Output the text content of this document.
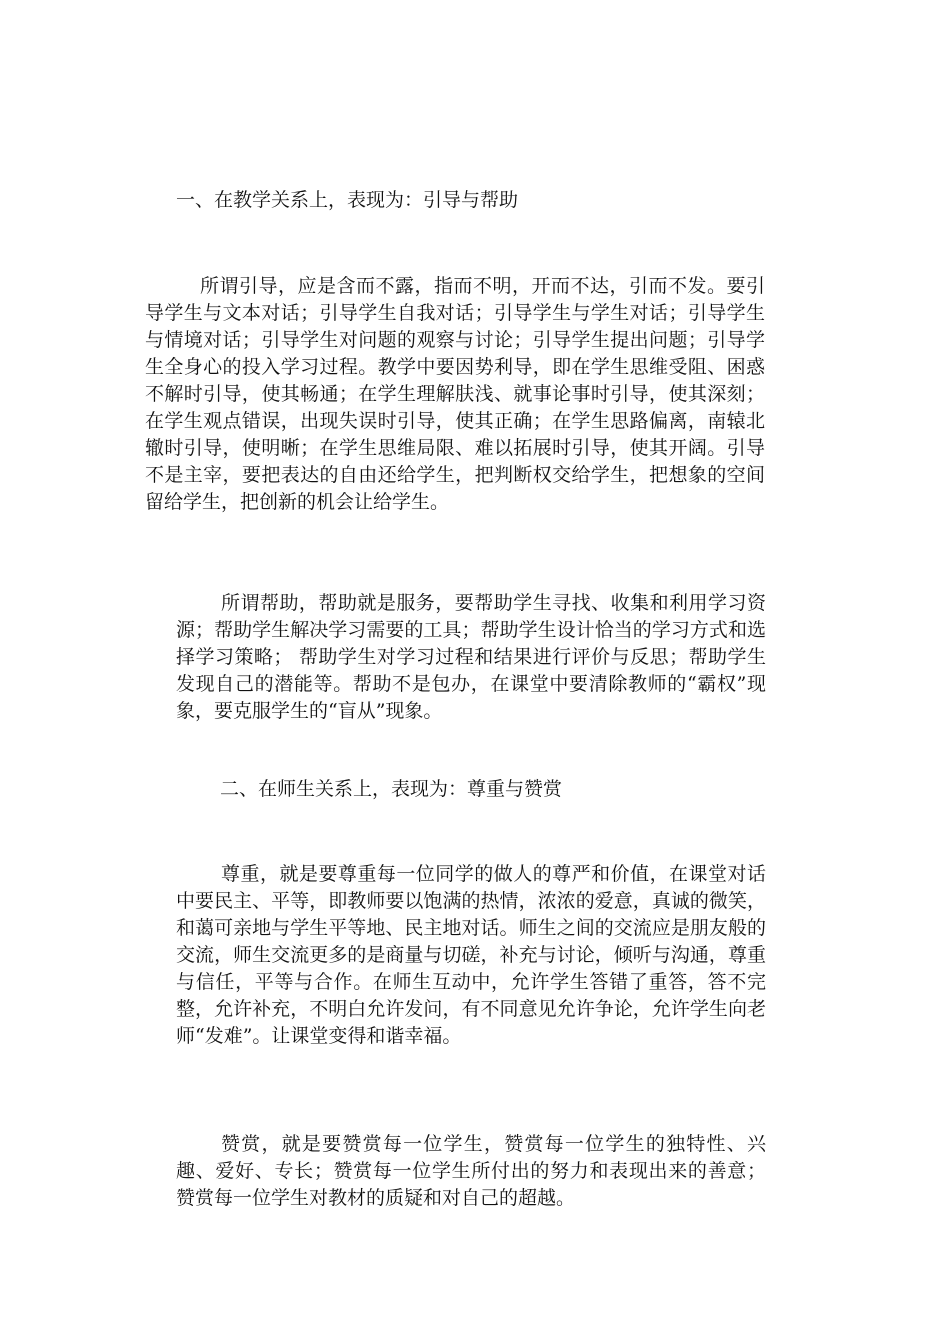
一、在教学关系上，表现为：引导与帮助

所谓引导，应是含而不露，指而不明，开而不达，引而不发。要引导学生与文本对话；引导学生自我对话；引导学生与学生对话；引导学生与情境对话；引导学生对问题的观察与讨论；引导学生提出问题；引导学生全身心的投入学习过程。教学中要因势利导，即在学生思维受阻、困惑不解时引导，使其畅通；在学生理解肤浅、就事论事时引导，使其深刻；在学生观点错误，出现失误时引导，使其正确；在学生思路偏离，南辕北辙时引导，使明晰；在学生思维局限、难以拓展时引导，使其开阔。引导不是主宰，要把表达的自由还给学生，把判断权交给学生，把想象的空间留给学生，把创新的机会让给学生。

所谓帮助，帮助就是服务，要帮助学生寻找、收集和利用学习资源；帮助学生解决学习需要的工具；帮助学生设计恰当的学习方式和选择学习策略； 帮助学生对学习过程和结果进行评价与反思；帮助学生发现自己的潜能等。帮助不是包办，在课堂中要清除教师的“霸权”现象，要克服学生的“盲从”现象。

二、在师生关系上，表现为：尊重与赞赏

尊重，就是要尊重每一位同学的做人的尊严和价值，在课堂对话中要民主、平等，即教师要以饱满的热情，浓浓的爱意，真诚的微笑，和蔼可亲地与学生平等地、民主地对话。师生之间的交流应是朋友般的交流，师生交流更多的是商量与切磋，补充与讨论，倾听与沟通，尊重与信任，平等与合作。在师生互动中，允许学生答错了重答，答不完整，允许补充，不明白允许发问，有不同意见允许争论，允许学生向老师“发难”。让课堂变得和谐幸福。

赞赏，就是要赞赏每一位学生，赞赏每一位学生的独特性、兴趣、爱好、专长；赞赏每一位学生所付出的努力和表现出来的善意； 赞赏每一位学生对教材的质疑和对自己的超越。
